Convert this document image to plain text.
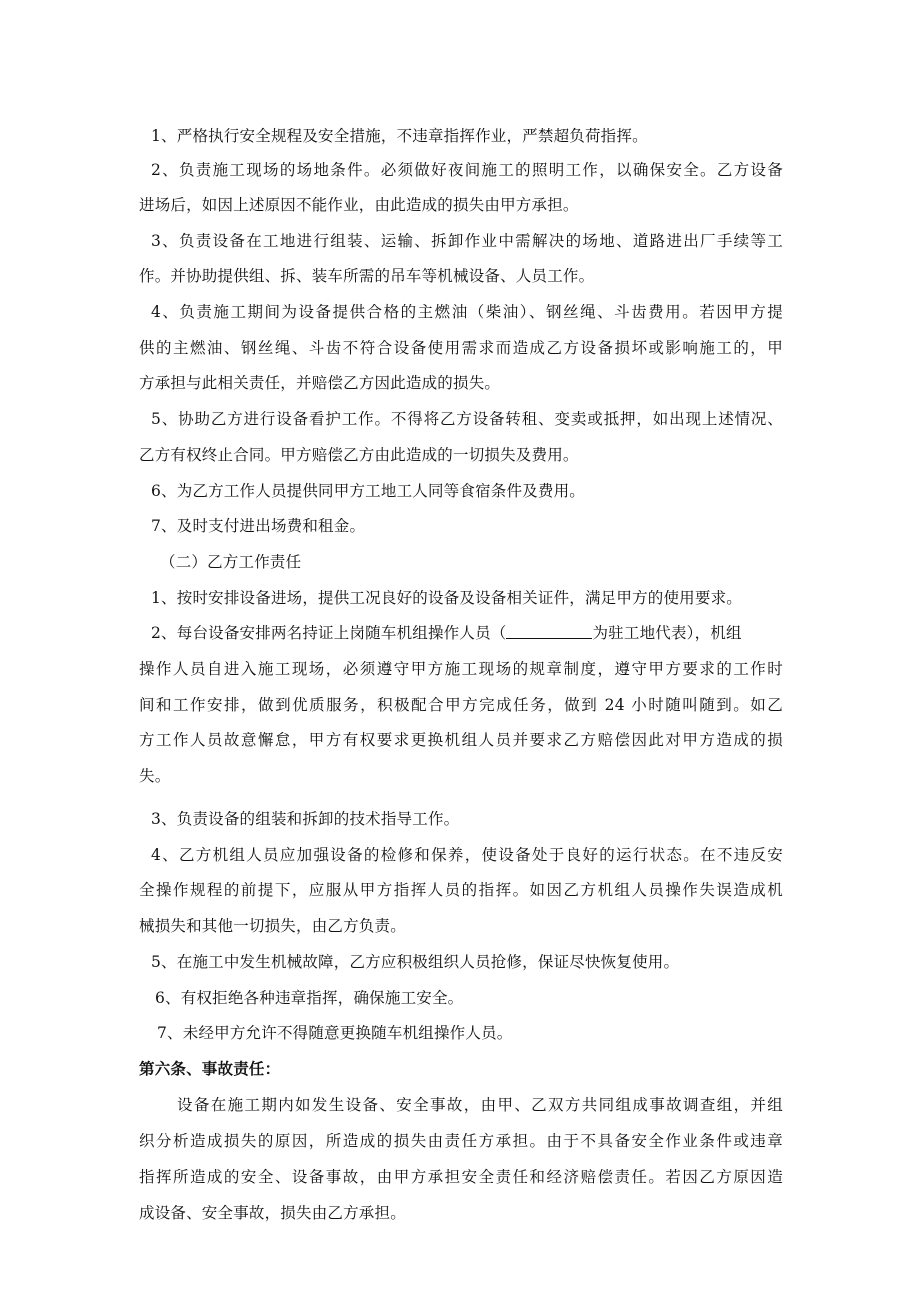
1、严格执行安全规程及安全措施，不违章指挥作业，严禁超负荷指挥。
2、负责施工现场的场地条件。必须做好夜间施工的照明工作，以确保安全。乙方设备
进场后，如因上述原因不能作业，由此造成的损失由甲方承担。
3、负责设备在工地进行组装、运输、拆卸作业中需解决的场地、道路进出厂手续等工
作。并协助提供组、拆、装车所需的吊车等机械设备、人员工作。
4、负责施工期间为设备提供合格的主燃油（柴油）、钢丝绳、斗齿费用。若因甲方提
供的主燃油、钢丝绳、斗齿不符合设备使用需求而造成乙方设备损坏或影响施工的，甲
方承担与此相关责任，并赔偿乙方因此造成的损失。
5、协助乙方进行设备看护工作。不得将乙方设备转租、变卖或抵押，如出现上述情况、
乙方有权终止合同。甲方赔偿乙方由此造成的一切损失及费用。
6、为乙方工作人员提供同甲方工地工人同等食宿条件及费用。
7、及时支付进出场费和租金。
（二）乙方工作责任
1、按时安排设备进场，提供工况良好的设备及设备相关证件，满足甲方的使用要求。
2、每台设备安排两名持证上岗随车机组操作人员（	为驻工地代表），机组
操作人员自进入施工现场，必须遵守甲方施工现场的规章制度，遵守甲方要求的工作时
间和工作安排，做到优质服务，积极配合甲方完成任务，做到 24 小时随叫随到。如乙
方工作人员故意懈怠，甲方有权要求更换机组人员并要求乙方赔偿因此对甲方造成的损
失。
3、负责设备的组装和拆卸的技术指导工作。
4、乙方机组人员应加强设备的检修和保养，使设备处于良好的运行状态。在不违反安
全操作规程的前提下，应服从甲方指挥人员的指挥。如因乙方机组人员操作失误造成机
械损失和其他一切损失，由乙方负责。
5、在施工中发生机械故障，乙方应积极组织人员抢修，保证尽快恢复使用。
6、有权拒绝各种违章指挥，确保施工安全。
7、未经甲方允许不得随意更换随车机组操作人员。
第六条、事故责任：
设备在施工期内如发生设备、安全事故，由甲、乙双方共同组成事故调查组，并组
织分析造成损失的原因，所造成的损失由责任方承担。由于不具备安全作业条件或违章
指挥所造成的安全、设备事故，由甲方承担安全责任和经济赔偿责任。若因乙方原因造
成设备、安全事故，损失由乙方承担。
